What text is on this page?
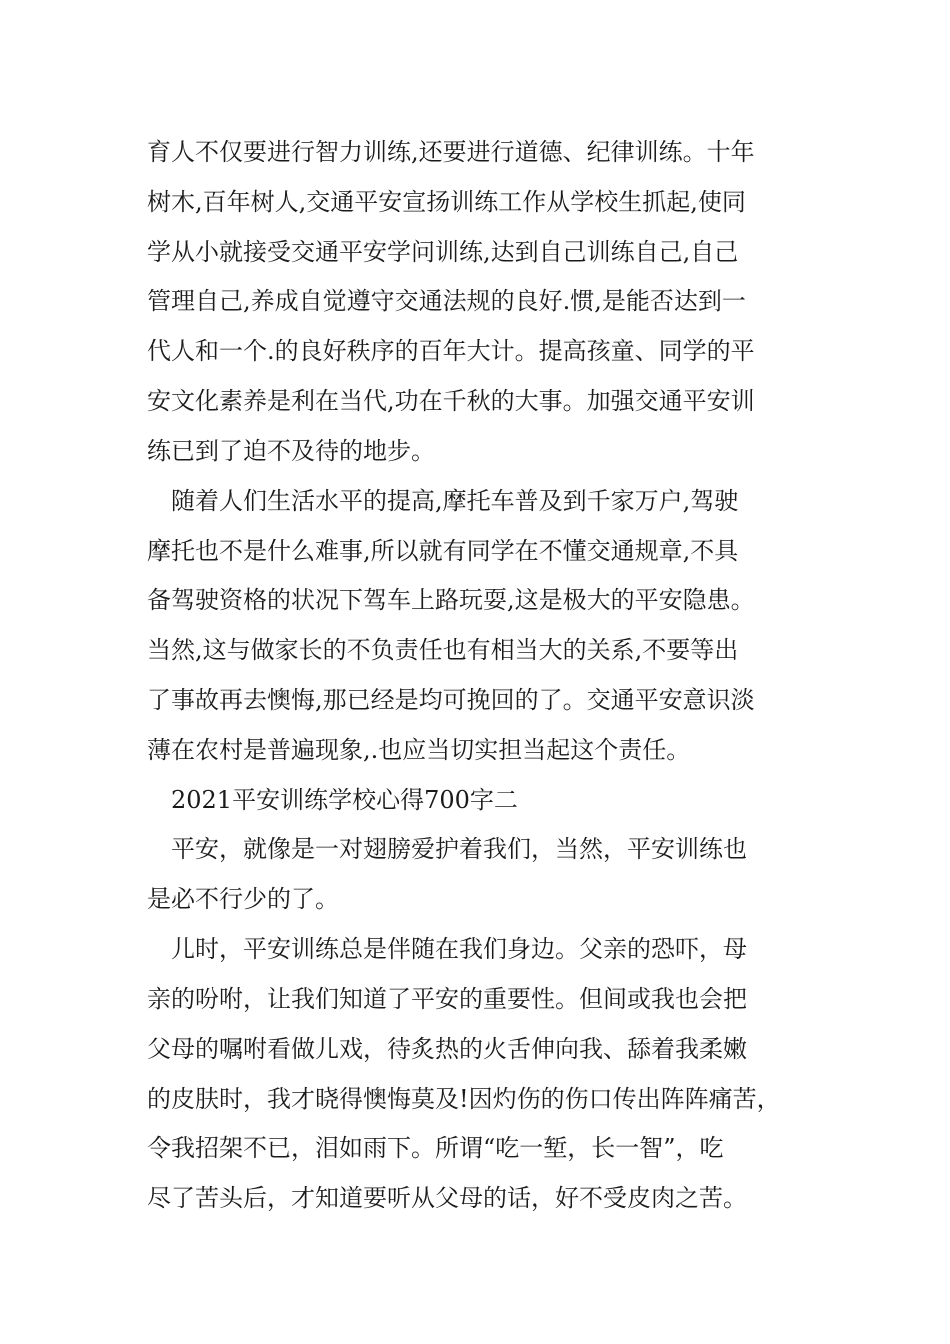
育人不仅要进行智力训练,还要进行道德、纪律训练。十年
树木,百年树人,交通平安宣扬训练工作从学校生抓起,使同
学从小就接受交通平安学问训练,达到自己训练自己,自己
管理自己,养成自觉遵守交通法规的良好.惯,是能否达到一
代人和一个.的良好秩序的百年大计。提高孩童、同学的平
安文化素养是利在当代,功在千秋的大事。加强交通平安训
练已到了迫不及待的地步。
随着人们生活水平的提高,摩托车普及到千家万户,驾驶
摩托也不是什么难事,所以就有同学在不懂交通规章,不具
备驾驶资格的状况下驾车上路玩耍,这是极大的平安隐患。
当然,这与做家长的不负责任也有相当大的关系,不要等出
了事故再去懊悔,那已经是均可挽回的了。交通平安意识淡
薄在农村是普遍现象,.也应当切实担当起这个责任。
2021平安训练学校心得700字二
平安，就像是一对翅膀爱护着我们，当然，平安训练也
是必不行少的了。
儿时，平安训练总是伴随在我们身边。父亲的恐吓，母
亲的吩咐，让我们知道了平安的重要性。但间或我也会把
父母的嘱咐看做儿戏，待炙热的火舌伸向我、舔着我柔嫩
的皮肤时，我才晓得懊悔莫及!因灼伤的伤口传出阵阵痛苦，
令我招架不已，泪如雨下。所谓“吃一堑，长一智”，吃
尽了苦头后，才知道要听从父母的话，好不受皮肉之苦。
